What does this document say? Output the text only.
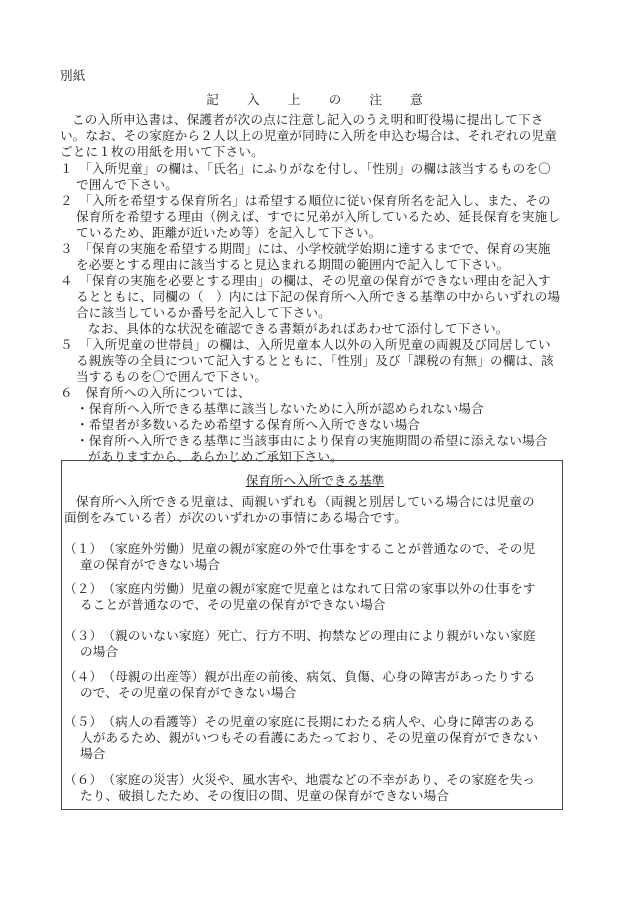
別紙

記　　入　　上　　の　　注　　意

この入所申込書は、保護者が次の点に注意し記入のうえ明和町役場に提出して下さ

い。なお、その家庭から２人以上の児童が同時に入所を申込む場合は、それぞれの児童

ごとに１枚の用紙を用いて下さい。

１　「入所児童」の欄は、「氏名」にふりがなを付し、「性別」の欄は該当するものを〇

で囲んで下さい。

２　「入所を希望する保育所名」は希望する順位に従い保育所名を記入し、また、その

保育所を希望する理由（例えば、すでに兄弟が入所しているため、延長保育を実施し

ているため、距離が近いため等）を記入して下さい。

３　「保育の実施を希望する期間」には、小学校就学始期に達するまでで、保育の実施

を必要とする理由に該当すると見込まれる期間の範囲内で記入して下さい。

４　「保育の実施を必要とする理由」の欄は、その児童の保育ができない理由を記入す

るとともに、同欄の（　）内には下記の保育所へ入所できる基準の中からいずれの場

合に該当しているか番号を記入して下さい。

なお、具体的な状況を確認できる書類があればあわせて添付して下さい。

５　「入所児童の世帯員」の欄は、入所児童本人以外の入所児童の両親及び同居してい

る親族等の全員について記入するとともに、「性別」及び「課税の有無」の欄は、該

当するものを〇で囲んで下さい。

６　保育所への入所については、

・保育所へ入所できる基準に該当しないために入所が認められない場合

・希望者が多数いるため希望する保育所へ入所できない場合

・保育所へ入所できる基準に当該事由により保育の実施期間の希望に添えない場合

がありますから、あらかじめご承知下さい。

保育所へ入所できる基準

保育所へ入所できる児童は、両親いずれも（両親と別居している場合には児童の

面倒をみている者）が次のいずれかの事情にある場合です。

（１）　（家庭外労働）児童の親が家庭の外で仕事をすることが普通なので、その児

童の保育ができない場合

（２）　（家庭内労働）児童の親が家庭で児童とはなれて日常の家事以外の仕事をす

ることが普通なので、その児童の保育ができない場合

（３）　（親のいない家庭）死亡、行方不明、拘禁などの理由により親がいない家庭

の場合

（４）　（母親の出産等）親が出産の前後、病気、負傷、心身の障害があったりする

ので、その児童の保育ができない場合

（５）　（病人の看護等）その児童の家庭に長期にわたる病人や、心身に障害のある

人があるため、親がいつもその看護にあたっており、その児童の保育ができない

場合

（６）　（家庭の災害）火災や、風水害や、地震などの不幸があり、その家庭を失っ

たり、破損したため、その復旧の間、児童の保育ができない場合
